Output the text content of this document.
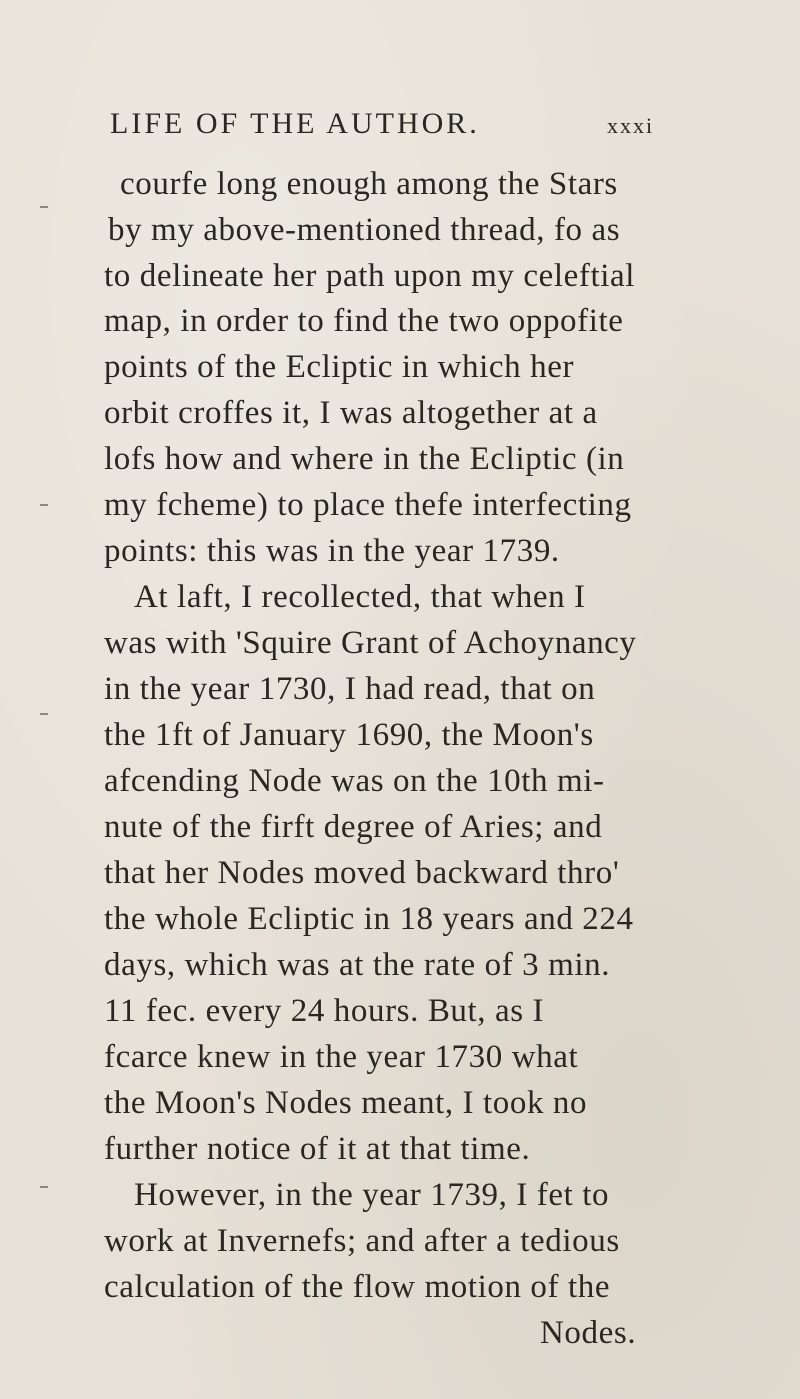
LIFE OF THE AUTHOR.	xxxi
courfe long enough among the Stars
by my above-mentioned thread, fo as
to delineate her path upon my celeftial
map, in order to find the two oppofite
points of the Ecliptic in which her
orbit croffes it, I was altogether at a
lofs how and where in the Ecliptic (in
my fcheme) to place thefe interfecting
points: this was in the year 1739.
At laft, I recollected, that when I
was with 'Squire Grant of Achoynancy
in the year 1730, I had read, that on
the 1ft of January 1690, the Moon's
afcending Node was on the 10th mi-
nute of the firft degree of Aries; and
that her Nodes moved backward thro'
the whole Ecliptic in 18 years and 224
days, which was at the rate of 3 min.
11 fec. every 24 hours. But, as I
fcarce knew in the year 1730 what
the Moon's Nodes meant, I took no
further notice of it at that time.
However, in the year 1739, I fet to
work at Invernefs; and after a tedious
calculation of the flow motion of the
Nodes.
